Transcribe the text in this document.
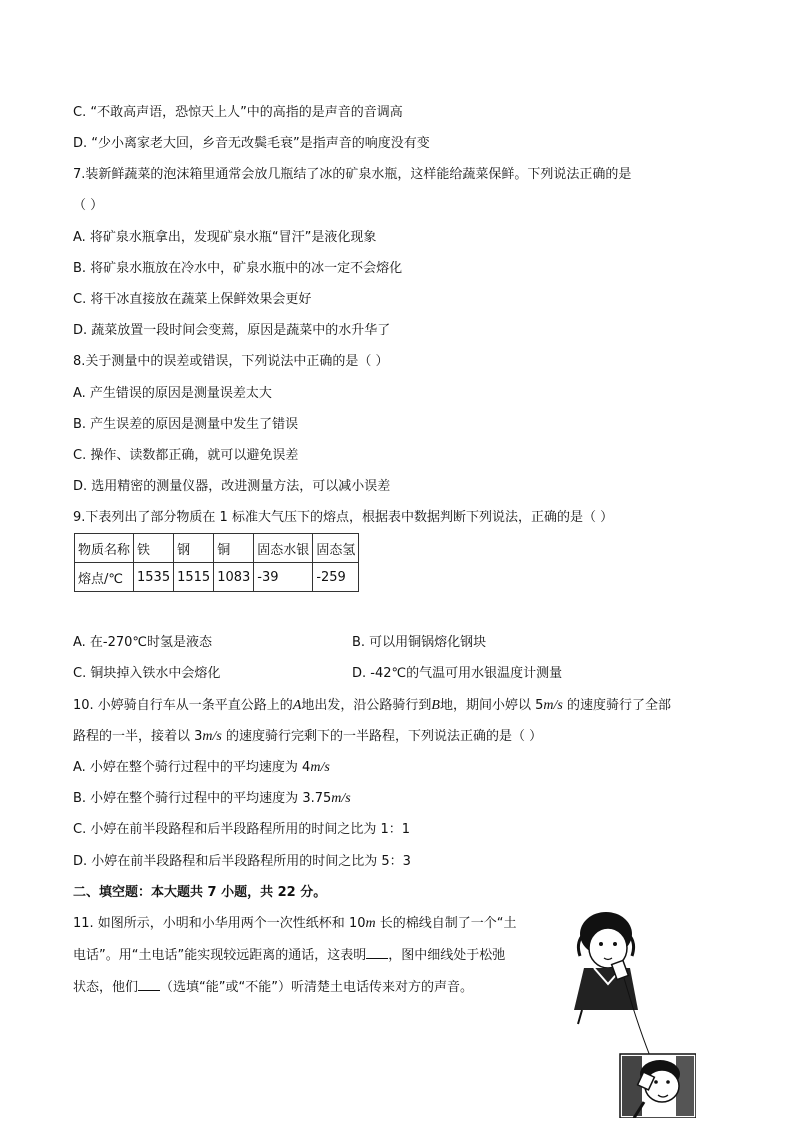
C. “不敢高声语，恐惊天上人”中的高指的是声音的音调高
D. “少小离家老大回，乡音无改鬓毛衰”是指声音的响度没有变
7.装新鲜蔬菜的泡沫箱里通常会放几瓶结了冰的矿泉水瓶，这样能给蔬菜保鲜。下列说法正确的是
（ ）
A. 将矿泉水瓶拿出，发现矿泉水瓶“冒汗”是液化现象
B. 将矿泉水瓶放在冷水中，矿泉水瓶中的冰一定不会熔化
C. 将干冰直接放在蔬菜上保鲜效果会更好
D. 蔬菜放置一段时间会变蔫，原因是蔬菜中的水升华了
8.关于测量中的误差或错误，下列说法中正确的是（ ）
A. 产生错误的原因是测量误差太大
B. 产生误差的原因是测量中发生了错误
C. 操作、读数都正确，就可以避免误差
D. 选用精密的测量仪器，改进测量方法，可以减小误差
9.下表列出了部分物质在 1 标准大气压下的熔点，根据表中数据判断下列说法，正确的是（ ）
物质名称	铁	钢	铜	固态水银	固态氢
熔点/℃	1535	1515	1083	-39	-259
A. 在-270℃时氢是液态	B. 可以用铜锅熔化钢块
C. 铜块掉入铁水中会熔化	D. -42℃的气温可用水银温度计测量
10. 小婷骑自行车从一条平直公路上的A地出发，沿公路骑行到B地，期间小婷以 5m/s 的速度骑行了全部
路程的一半，接着以 3m/s 的速度骑行完剩下的一半路程，下列说法正确的是（ ）
A. 小婷在整个骑行过程中的平均速度为 4m/s
B. 小婷在整个骑行过程中的平均速度为 3.75m/s
C. 小婷在前半段路程和后半段路程所用的时间之比为 1：1
D. 小婷在前半段路程和后半段路程所用的时间之比为 5：3
二、填空题：本大题共 7 小题，共 22 分。
11. 如图所示，小明和小华用两个一次性纸杯和 10m 长的棉线自制了一个“土
电话”。用“土电话”能实现较远距离的通话，这表明 ，图中细线处于松弛
状态，他们 （选填“能”或“不能”）听清楚土电话传来对方的声音。
